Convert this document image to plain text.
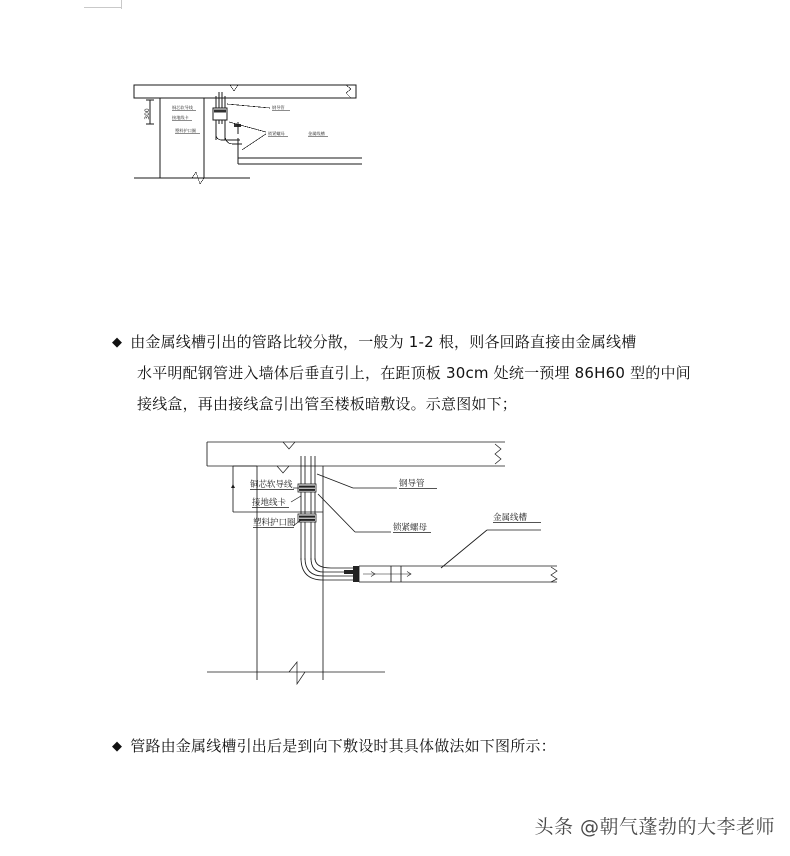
300
铜芯软导线
接地线卡
塑料护口圈
钢导管
锁紧螺母	金属线槽
◆ 由金属线槽引出的管路比较分散，一般为 1-2 根，则各回路直接由金属线槽
水平明配钢管进入墙体后垂直引上，在距顶板 30cm 处统一预埋 86H60 型的中间
接线盒，再由接线盒引出管至楼板暗敷设。示意图如下；
铜芯软导线
接地线卡
塑料护口圈
钢导管
锁紧螺母
金属线槽
◆ 管路由金属线槽引出后是到向下敷设时其具体做法如下图所示：
头条 @朝气蓬勃的大李老师
